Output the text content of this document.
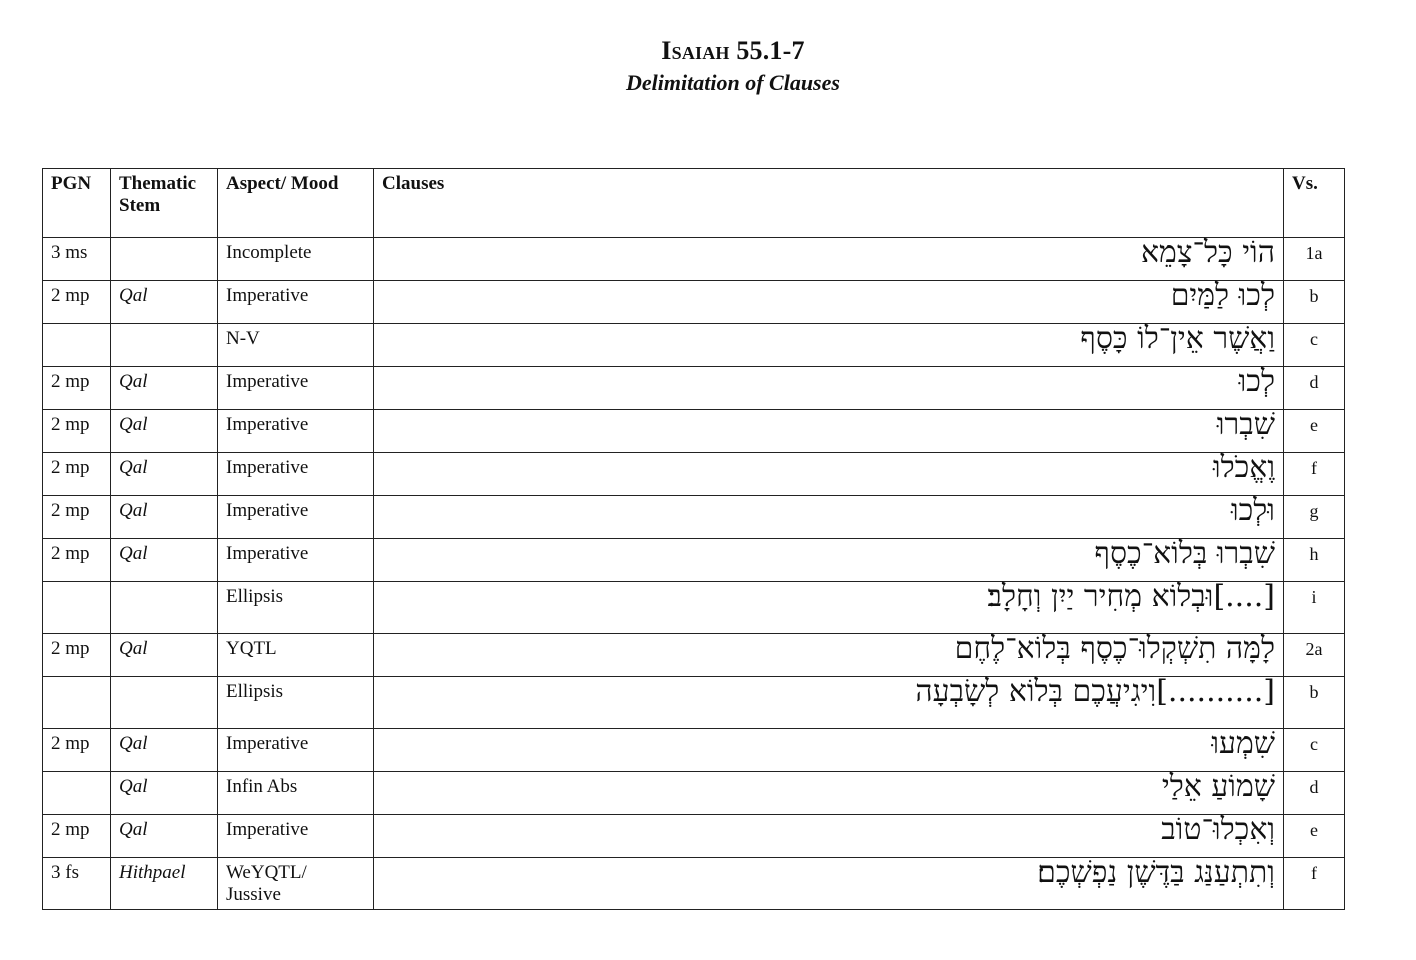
Isaiah 55.1-7
Delimitation of Clauses
PGN	Thematic Stem	Aspect/ Mood	Clauses	Vs.
3 ms		Incomplete	הוֹי כָּל־צָמֵא	1a
2 mp	Qal	Imperative	לְכוּ לַמַּיִם	b
		N-V	וַאֲשֶׁר אֵין־לוֹ כָּסֶף	c
2 mp	Qal	Imperative	לְכוּ	d
2 mp	Qal	Imperative	שִׁבְרוּ	e
2 mp	Qal	Imperative	וֶאֱכֹלוּ	f
2 mp	Qal	Imperative	וּלְכוּ	g
2 mp	Qal	Imperative	שִׁבְרוּ בְּלוֹא־כֶסֶף	h
		Ellipsis	[....]וּבְלוֹא מְחִיר יַיִן וְחָלָב׃	i
2 mp	Qal	YQTL	לָמָּה תִשְׁקְלוּ־כֶסֶף בְּלוֹא־לֶחֶם	2a
		Ellipsis	[..........]וִיגִיעֲכֶם בְּלוֹא לְשָׂבְעָה	b
2 mp	Qal	Imperative	שִׁמְעוּ	c
	Qal	Infin Abs	שָׁמוֹעַ אֵלַי	d
2 mp	Qal	Imperative	וְאִכְלוּ־טוֹב	e
3 fs	Hithpael	WeYQTL/ Jussive	וְתִתְעַנַּג בַּדֶּשֶׁן נַפְשְׁכֶם׃	f
